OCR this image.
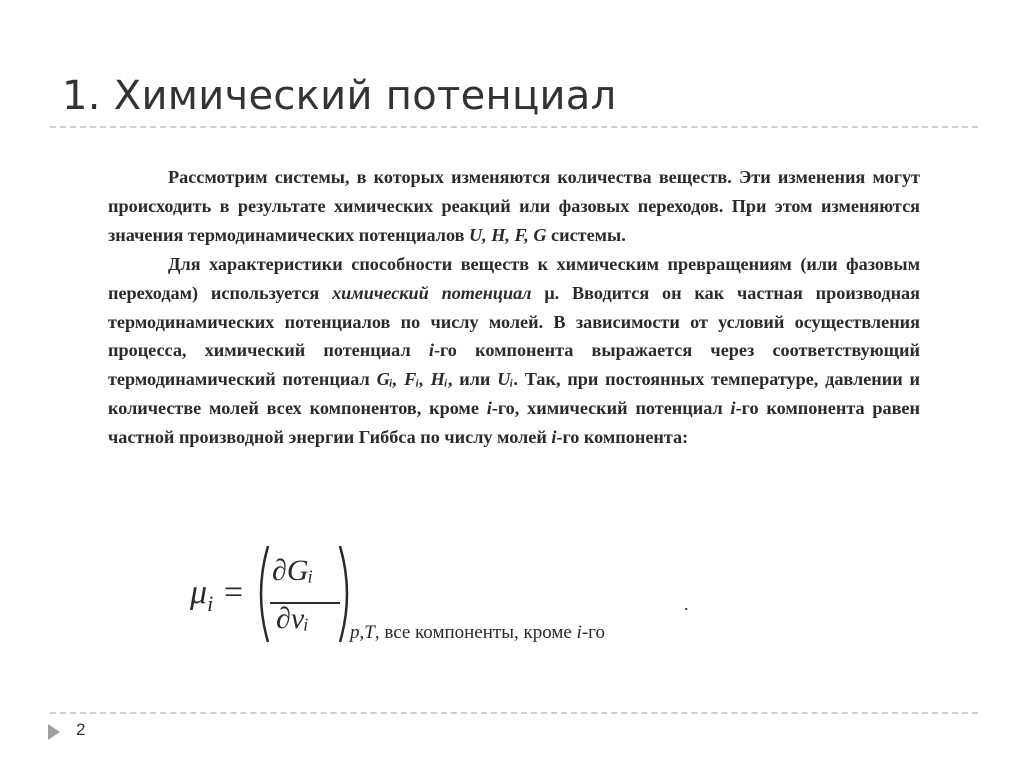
1. Химический потенциал

Рассмотрим системы, в которых изменяются количества веществ. Эти изменения могут происходить в результате химических реакций или фазовых переходов. При этом изменяются значения термодинамических потенциалов U, H, F, G системы.

Для характеристики способности веществ к химическим превращениям (или фазовым переходам) используется химический потенциал μ. Вводится он как частная производная термодинамических потенциалов по числу молей. В зависимости от условий осуществления процесса, химический потенциал i-го компонента выражается через соответствующий термодинамический потенциал Gᵢ, Fᵢ, Hᵢ, или Uᵢ. Так, при постоянных температуре, давлении и количестве молей всех компонентов, кроме i-го, химический потенциал i-го компонента равен частной производной энергии Гиббса по числу молей i-го компонента:

$\mu_i$ =
∂Gᵢ
∂νᵢ p,T, все компоненты, кроме i-го
.
2
